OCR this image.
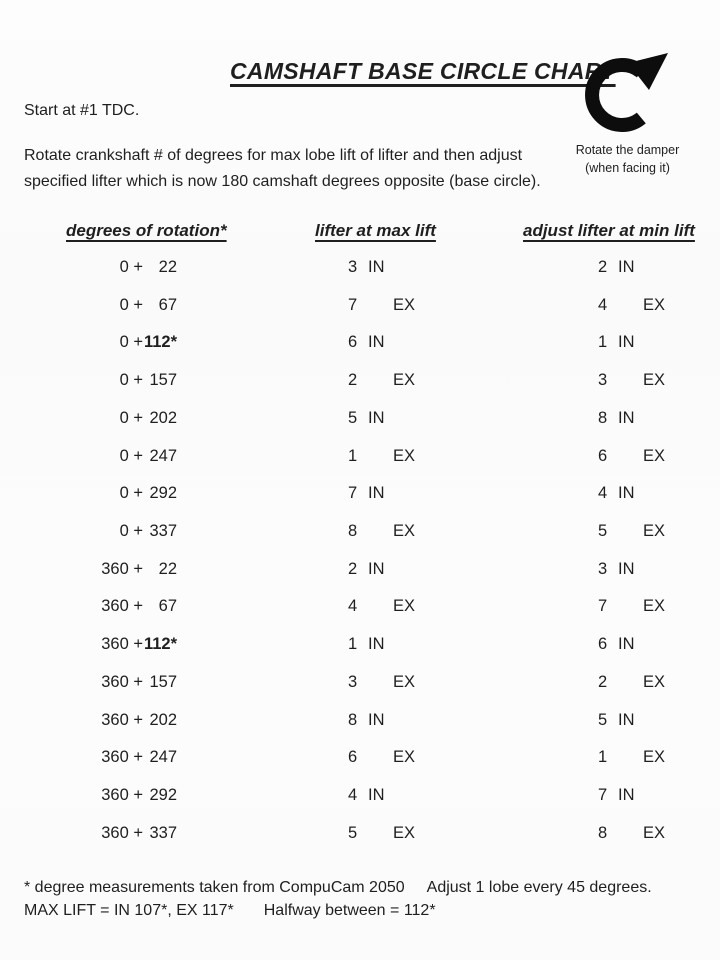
CAMSHAFT BASE CIRCLE CHART
Rotate the damper
(when facing it)

Start at #1 TDC.

Rotate crankshaft # of degrees for max lobe lift of lifter and then adjust
specified lifter which is now 180 camshaft degrees opposite (base circle).

degrees of rotation*	lifter at max lift	adjust lifter at min lift
0 + 22	3 IN	2 IN
0 + 67	7 EX	4 EX
0 +112*	6 IN	1 IN
0 + 157	2 EX	3 EX
0 + 202	5 IN	8 IN
0 + 247	1 EX	6 EX
0 + 292	7 IN	4 IN
0 + 337	8 EX	5 EX
360 + 22	2 IN	3 IN
360 + 67	4 EX	7 EX
360 +112*	1 IN	6 IN
360 + 157	3 EX	2 EX
360 + 202	8 IN	5 IN
360 + 247	6 EX	1 EX
360 + 292	4 IN	7 IN
360 + 337	5 EX	8 EX

* degree measurements taken from CompuCam 2050 Adjust 1 lobe every 45 degrees.
MAX LIFT = IN 107*, EX 117* Halfway between = 112*
